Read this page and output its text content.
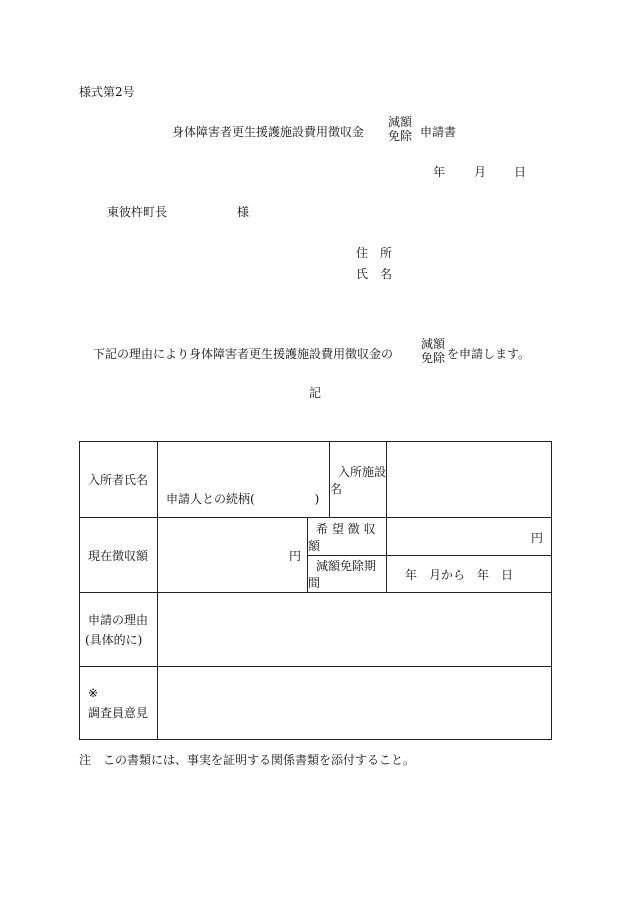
様式第2号
身体障害者更生援護施設費用徴収金
減額
免除 申請書
年 月 日
東彼杵町長	様
住　所
氏　名
下記の理由により身体障害者更生援護施設費用徴収金の
減額
免除 を申請します。
記
入所者氏名	申請人との続柄(　　　　　)		入所施設名	
現在徴収額	円	希 望 徴 収 額		円

		減額免除期間		年　月から　年　日

申請の理由
(具体的に)				

※
調査員意見				

注　この書類には、事実を証明する関係書類を添付すること。
